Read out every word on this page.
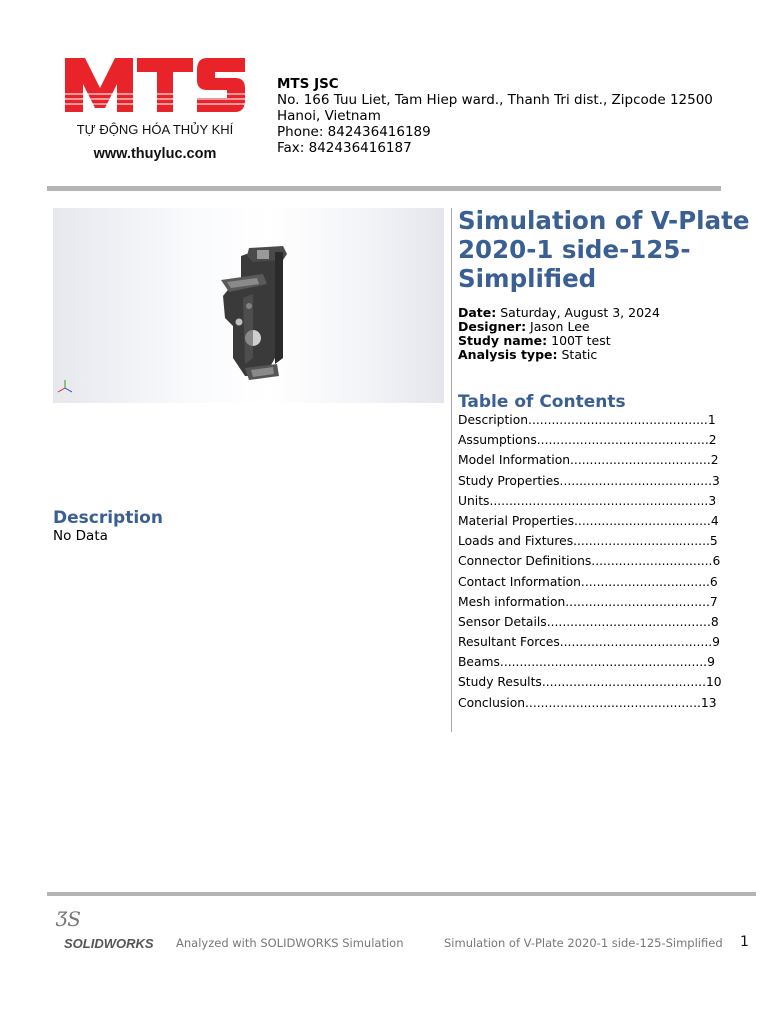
TỰ ĐỘNG HÓA THỦY KHÍ
www.thuyluc.com
MTS JSC
No. 166 Tuu Liet, Tam Hiep ward., Thanh Tri dist., Zipcode 12500
Hanoi, Vietnam
Phone: 842436416189
Fax: 842436416187
Simulation of V-Plate 2020-1 side-125-Simplified
Date: Saturday, August 3, 2024
Designer: Jason Lee
Study name: 100T test
Analysis type: Static
Table of Contents
Description..............................................1
Assumptions............................................2
Model Information....................................2
Study Properties.......................................3
Units........................................................3
Material Properties...................................4
Loads and Fixtures...................................5
Connector Definitions...............................6
Contact Information.................................6
Mesh information.....................................7
Sensor Details..........................................8
Resultant Forces.......................................9
Beams.....................................................9
Study Results..........................................10
Conclusion.............................................13
Description
No Data
ƷS
SOLIDWORKS Analyzed with SOLIDWORKS Simulation	Simulation of V-Plate 2020-1 side-125-Simplified 1
